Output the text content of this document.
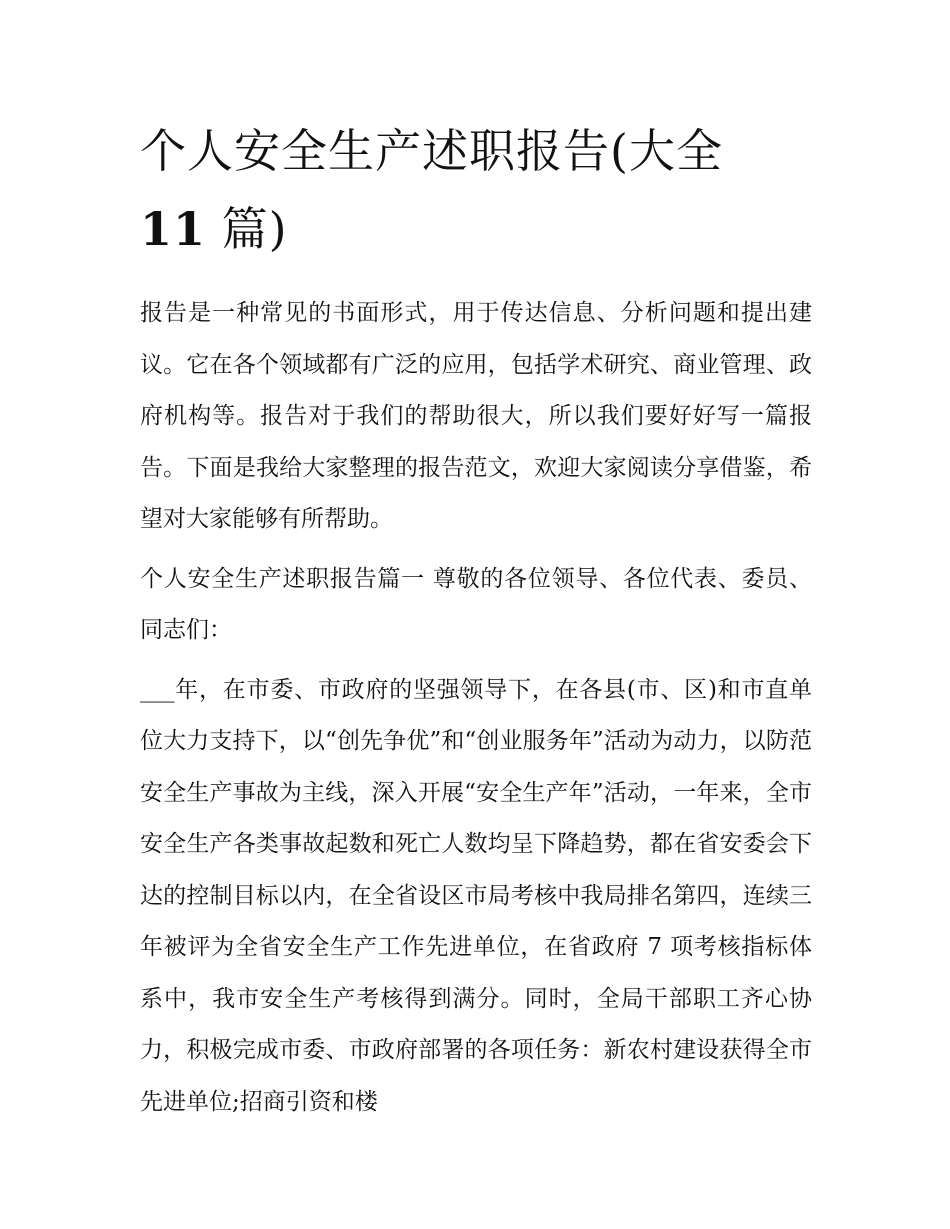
个人安全生产述职报告(大全
11 篇)

报告是一种常见的书面形式，用于传达信息、分析问题和提出建议。它在各个领域都有广泛的应用，包括学术研究、商业管理、政府机构等。报告对于我们的帮助很大，所以我们要好好写一篇报告。下面是我给大家整理的报告范文，欢迎大家阅读分享借鉴，希望对大家能够有所帮助。

个人安全生产述职报告篇一 尊敬的各位领导、各位代表、委员、同志们：

___年，在市委、市政府的坚强领导下，在各县(市、区)和市直单位大力支持下，以“创先争优”和“创业服务年”活动为动力，以防范安全生产事故为主线，深入开展“安全生产年”活动，一年来，全市安全生产各类事故起数和死亡人数均呈下降趋势，都在省安委会下达的控制目标以内，在全省设区市局考核中我局排名第四，连续三年被评为全省安全生产工作先进单位，在省政府 7 项考核指标体系中，我市安全生产考核得到满分。同时，全局干部职工齐心协力，积极完成市委、市政府部署的各项任务：新农村建设获得全市先进单位;招商引资和楼
